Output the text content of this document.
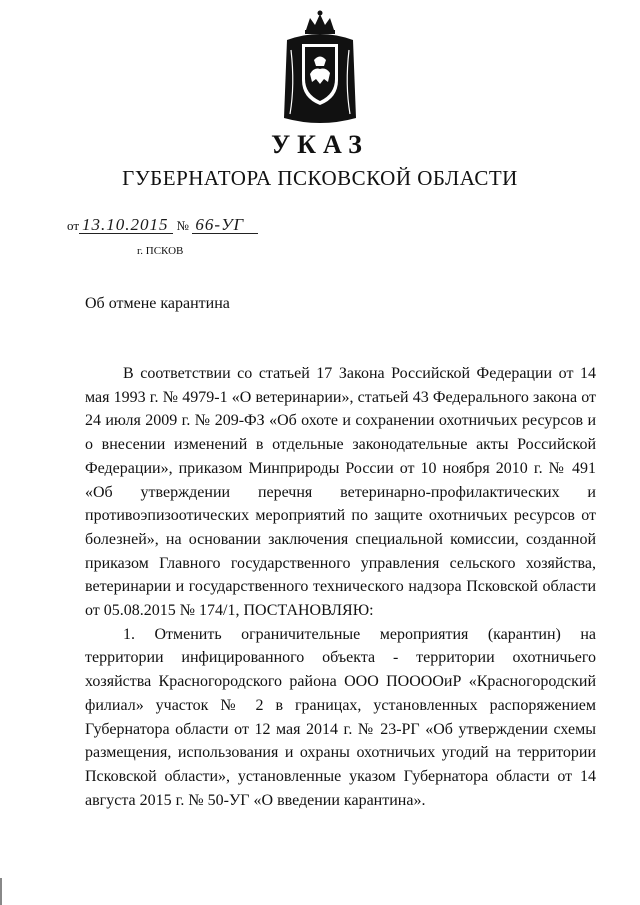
УКАЗ
ГУБЕРНАТОРА ПСКОВСКОЙ ОБЛАСТИ
от 13.10.2015 № 66-УГ
г. ПСКОВ
Об отмене карантина

В соответствии со статьей 17 Закона Российской Федерации от 14 мая 1993 г. № 4979-1 «О ветеринарии», статьей 43 Федерального закона от 24 июля 2009 г. № 209-ФЗ «Об охоте и сохранении охотничьих ресурсов и о внесении изменений в отдельные законодательные акты Российской Федерации», приказом Минприроды России от 10 ноября 2010 г. № 491 «Об утверждении перечня ветеринарно-профилактических и противоэпизоотических мероприятий по защите охотничьих ресурсов от болезней», на основании заключения специальной комиссии, созданной приказом Главного государственного управления сельского хозяйства, ветеринарии и государственного технического надзора Псковской области от 05.08.2015 № 174/1, ПОСТАНОВЛЯЮ:

1. Отменить ограничительные мероприятия (карантин) на территории инфицированного объекта - территории охотничьего хозяйства Красногородского района ООО ПООООиР «Красногородский филиал» участок № 2 в границах, установленных распоряжением Губернатора области от 12 мая 2014 г. № 23-РГ «Об утверждении схемы размещения, использования и охраны охотничьих угодий на территории Псковской области», установленные указом Губернатора области от 14 августа 2015 г. № 50-УГ «О введении карантина».
